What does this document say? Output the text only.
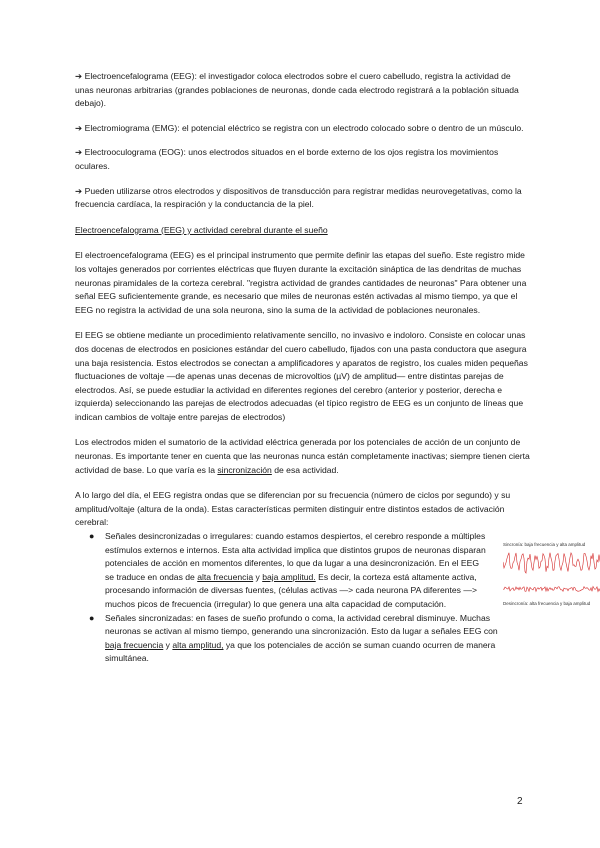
➔ Electroencefalograma (EEG): el investigador coloca electrodos sobre el cuero cabelludo, registra la actividad de unas neuronas arbitrarias (grandes poblaciones de neuronas, donde cada electrodo registrará a la población situada debajo).

➔ Electromiograma (EMG): el potencial eléctrico se registra con un electrodo colocado sobre o dentro de un músculo.

➔ Electrooculograma (EOG): unos electrodos situados en el borde externo de los ojos registra los movimientos oculares.

➔ Pueden utilizarse otros electrodos y dispositivos de transducción para registrar medidas neurovegetativas, como la frecuencia cardíaca, la respiración y la conductancia de la piel.

Electroencefalograma (EEG) y actividad cerebral durante el sueño

El electroencefalograma (EEG) es el principal instrumento que permite definir las etapas del sueño. Este registro mide los voltajes generados por corrientes eléctricas que fluyen durante la excitación sináptica de las dendritas de muchas neuronas piramidales de la corteza cerebral. "registra actividad de grandes cantidades de neuronas" Para obtener una señal EEG suficientemente grande, es necesario que miles de neuronas estén activadas al mismo tiempo, ya que el EEG no registra la actividad de una sola neurona, sino la suma de la actividad de poblaciones neuronales.

El EEG se obtiene mediante un procedimiento relativamente sencillo, no invasivo e indoloro. Consiste en colocar unas dos docenas de electrodos en posiciones estándar del cuero cabelludo, fijados con una pasta conductora que asegura una baja resistencia. Estos electrodos se conectan a amplificadores y aparatos de registro, los cuales miden pequeñas fluctuaciones de voltaje —de apenas unas decenas de microvoltios (µV) de amplitud— entre distintas parejas de electrodos. Así, se puede estudiar la actividad en diferentes regiones del cerebro (anterior y posterior, derecha e izquierda) seleccionando las parejas de electrodos adecuadas (el típico registro de EEG es un conjunto de líneas que indican cambios de voltaje entre parejas de electrodos)

Los electrodos miden el sumatorio de la actividad eléctrica generada por los potenciales de acción de un conjunto de neuronas. Es importante tener en cuenta que las neuronas nunca están completamente inactivas; siempre tienen cierta actividad de base. Lo que varía es la sincronización de esa actividad.

A lo largo del día, el EEG registra ondas que se diferencian por su frecuencia (número de ciclos por segundo) y su amplitud/voltaje (altura de la onda). Estas características permiten distinguir entre distintos estados de activación cerebral:

● Señales desincronizadas o irregulares: cuando estamos despiertos, el cerebro responde a múltiples estímulos externos e internos. Esta alta actividad implica que distintos grupos de neuronas disparan potenciales de acción en momentos diferentes, lo que da lugar a una desincronización. En el EEG se traduce en ondas de alta frecuencia y baja amplitud. Es decir, la corteza está altamente activa, procesando información de diversas fuentes, (células activas —> cada neurona PA diferentes —> muchos picos de frecuencia (irregular) lo que genera una alta capacidad de computación.

● Señales sincronizadas: en fases de sueño profundo o coma, la actividad cerebral disminuye. Muchas neuronas se activan al mismo tiempo, generando una sincronización. Esto da lugar a señales EEG con baja frecuencia y alta amplitud, ya que los potenciales de acción se suman cuando ocurren de manera simultánea.

Sincronía: baja frecuencia y alta amplitud

Desincronía: alta frecuencia y baja amplitud
2
